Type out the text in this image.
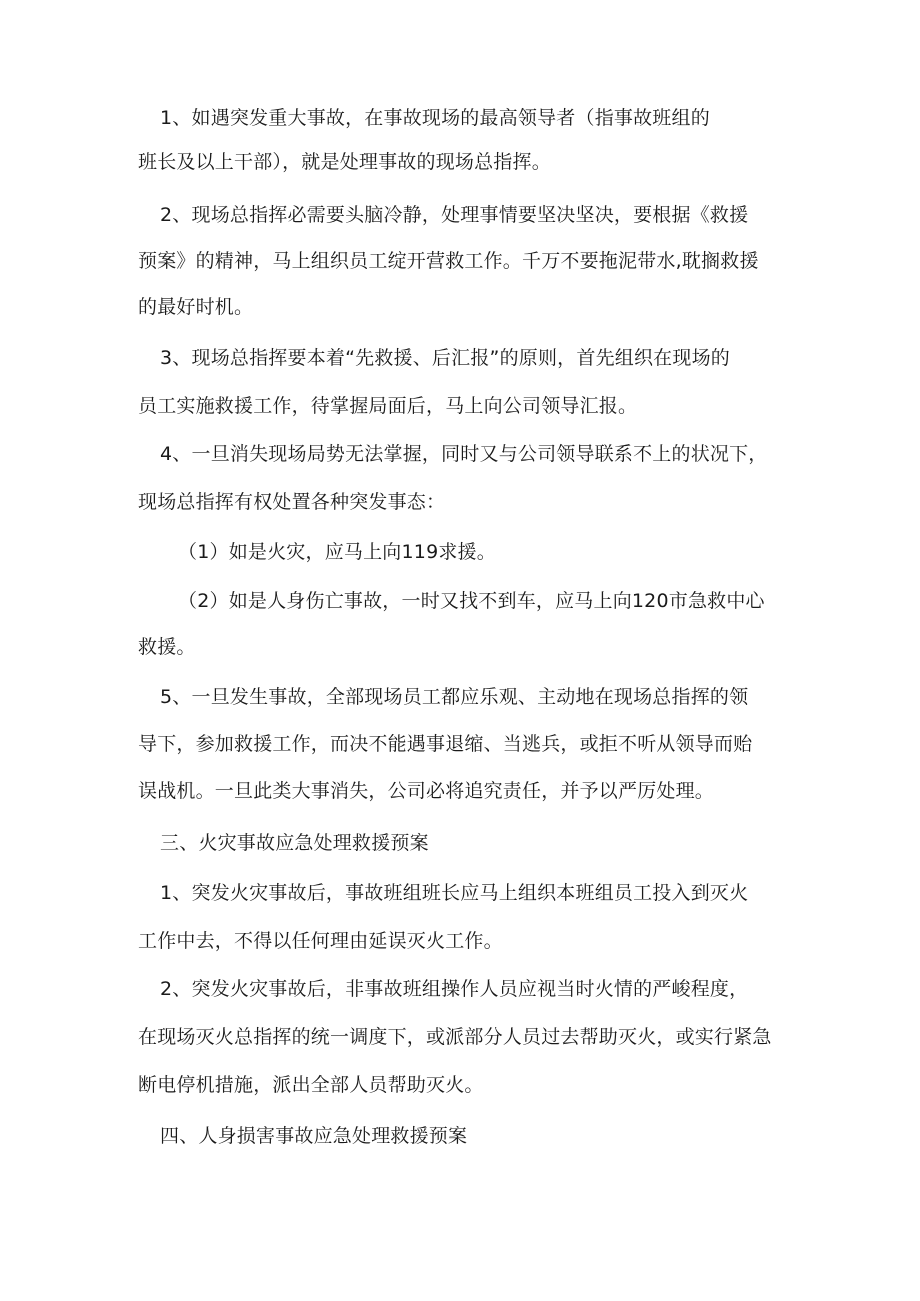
1、如遇突发重大事故，在事故现场的最高领导者（指事故班组的
班长及以上干部），就是处理事故的现场总指挥。
2、现场总指挥必需要头脑冷静，处理事情要坚决坚决，要根据《救援
预案》的精神，马上组织员工绽开营救工作。千万不要拖泥带水,耽搁救援
的最好时机。
3、现场总指挥要本着“先救援、后汇报”的原则，首先组织在现场的
员工实施救援工作，待掌握局面后，马上向公司领导汇报。
4、一旦消失现场局势无法掌握，同时又与公司领导联系不上的状况下，
现场总指挥有权处置各种突发事态：
（1）如是火灾，应马上向119求援。
（2）如是人身伤亡事故，一时又找不到车，应马上向120市急救中心
救援。
5、一旦发生事故，全部现场员工都应乐观、主动地在现场总指挥的领
导下，参加救援工作，而决不能遇事退缩、当逃兵，或拒不听从领导而贻
误战机。一旦此类大事消失，公司必将追究责任，并予以严厉处理。
三、火灾事故应急处理救援预案
1、突发火灾事故后，事故班组班长应马上组织本班组员工投入到灭火
工作中去，不得以任何理由延误灭火工作。
2、突发火灾事故后，非事故班组操作人员应视当时火情的严峻程度，
在现场灭火总指挥的统一调度下，或派部分人员过去帮助灭火，或实行紧急
断电停机措施，派出全部人员帮助灭火。
四、人身损害事故应急处理救援预案
